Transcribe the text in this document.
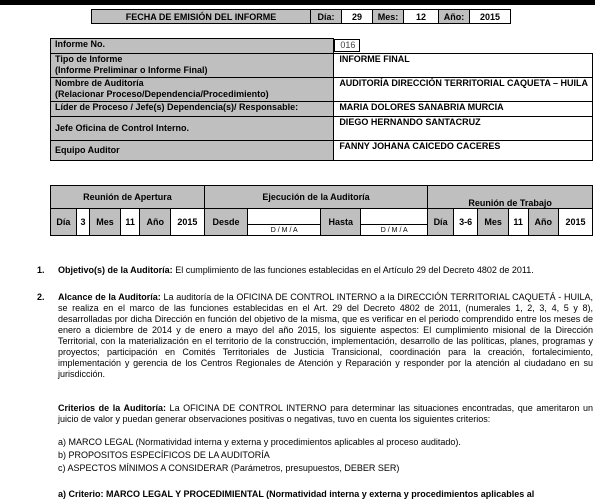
FECHA DE EMISIÓN DEL INFORME	Día:	29	Mes:	12	Año:	2015
Informe No.		016

Tipo de Informe
(Informe Preliminar o Informe Final)	INFORME FINAL
Nombre de Auditoría
(Relacionar Proceso/Dependencia/Procedimiento)	AUDITORÍA DIRECCIÓN TERRITORIAL CAQUETA – HUILA
Líder de Proceso / Jefe(s) Dependencia(s)/ Responsable:	MARIA DOLORES SANABRIA MURCIA
Jefe Oficina de Control Interno.	DIEGO HERNANDO SANTACRUZ
Equipo Auditor	FANNY JOHANA CAICEDO CACERES
Reunión de Apertura						Ejecución de la Auditoría				Reunión de Trabajo					
Día	3	Mes	11	Año	2015	Desde		Hasta		Día	3-6	Mes	11	Año	2015
							D / M / A		D / M / A						
1. Objetivo(s) de la Auditoría: El cumplimiento de las funciones establecidas en el Artículo 29 del Decreto 4802 de 2011.
2. Alcance de la Auditoría: La auditoría de la OFICINA DE CONTROL INTERNO a la DIRECCIÓN TERRITORIAL CAQUETÁ - HUILA, se realiza en el marco de las funciones establecidas en el Art. 29 del Decreto 4802 de 2011, (numerales 1, 2, 3, 4, 5 y 8), desarrolladas por dicha Dirección en función del objetivo de la misma, que es verificar en el periodo comprendido entre los meses de enero a diciembre de 2014 y de enero a mayo del año 2015, los siguiente aspectos: El cumplimiento misional de la Dirección Territorial, con la materialización en el territorio de la construcción, implementación, desarrollo de las políticas, planes, programas y proyectos; participación en Comités Territoriales de Justicia Transicional, coordinación para la creación, fortalecimiento, implementación y gerencia de los Centros Regionales de Atención y Reparación y responder por la atención al ciudadano en su jurisdicción.
Criterios de la Auditoría: La OFICINA DE CONTROL INTERNO para determinar las situaciones encontradas, que ameritaron un juicio de valor y puedan generar observaciones positivas o negativas, tuvo en cuenta los siguientes criterios:
a) MARCO LEGAL (Normatividad interna y externa y procedimientos aplicables al proceso auditado).
b) PROPOSITOS ESPECÍFICOS DE LA AUDITORÍA
c) ASPECTOS MÍNIMOS A CONSIDERAR (Parámetros, presupuestos, DEBER SER)
a) Criterio: MARCO LEGAL Y PROCEDIMIENTAL (Normatividad interna y externa y procedimientos aplicables al
